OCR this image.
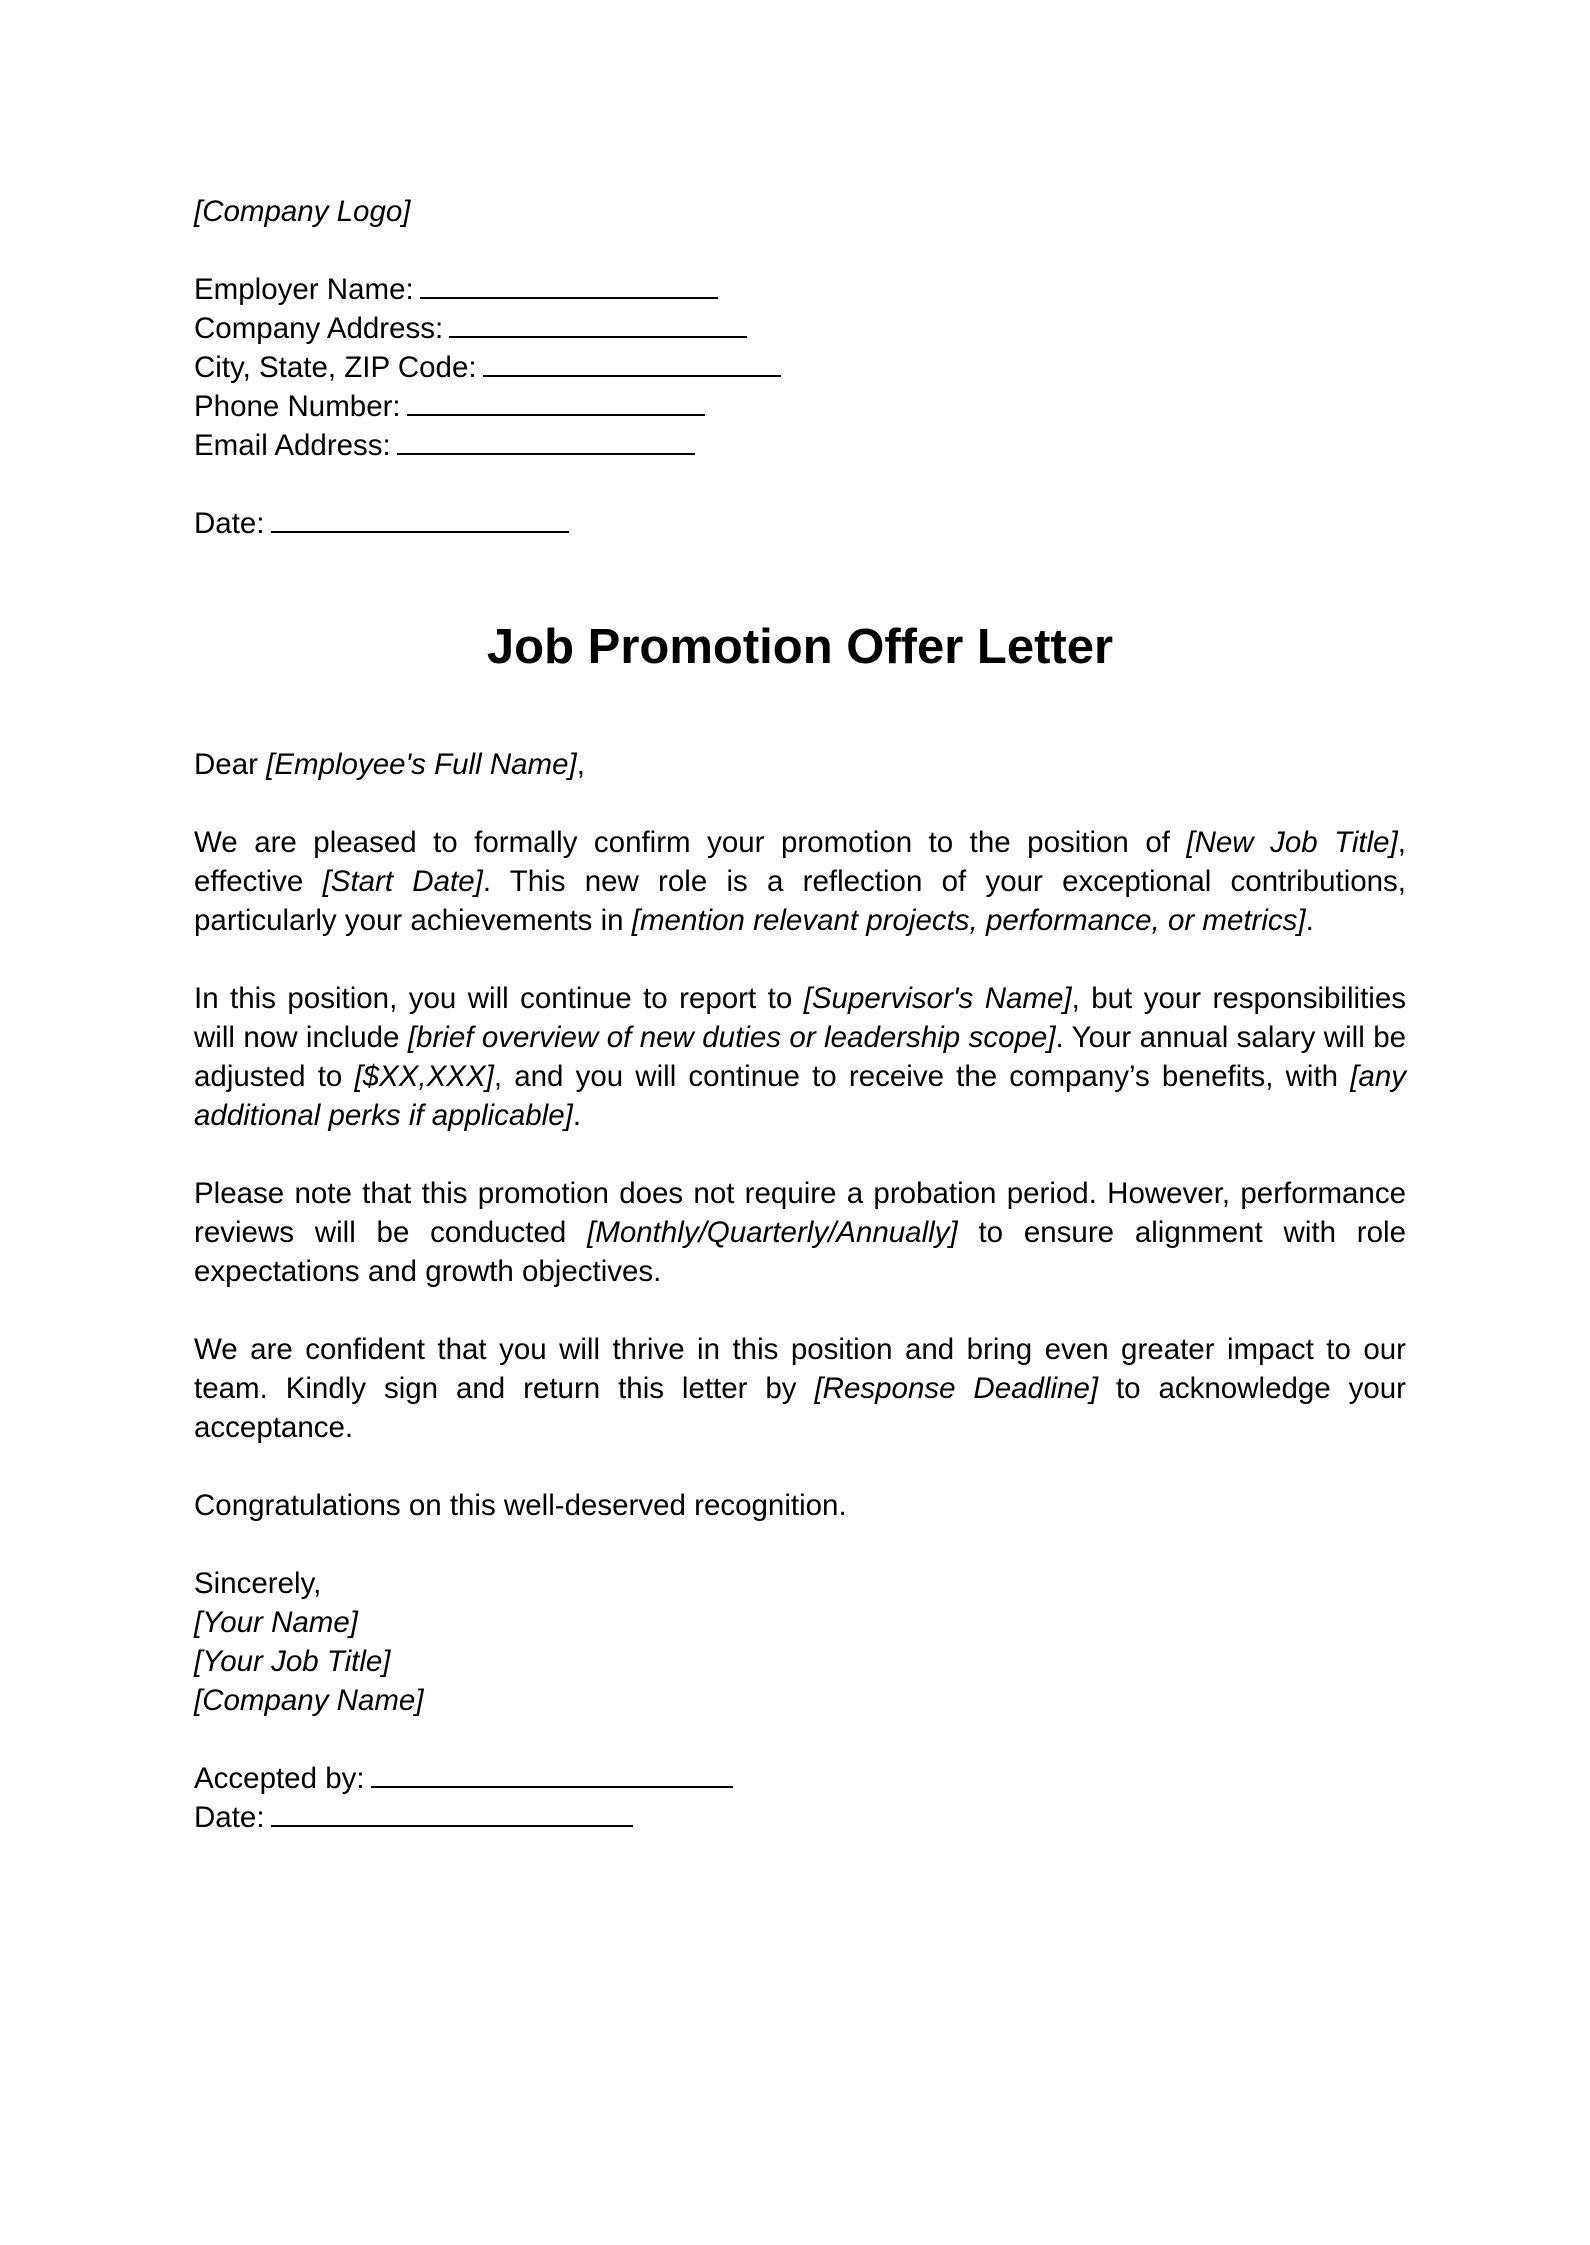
[Company Logo]
Employer Name:
Company Address:
City, State, ZIP Code:
Phone Number:
Email Address:
Date:
Job Promotion Offer Letter
Dear [Employee's Full Name],

We are pleased to formally confirm your promotion to the position of [New Job Title], effective [Start Date]. This new role is a reflection of your exceptional contributions, particularly your achievements in [mention relevant projects, performance, or metrics].

In this position, you will continue to report to [Supervisor's Name], but your responsibilities will now include [brief overview of new duties or leadership scope]. Your annual salary will be adjusted to [$XX,XXX], and you will continue to receive the company’s benefits, with [any additional perks if applicable].

Please note that this promotion does not require a probation period. However, performance reviews will be conducted [Monthly/Quarterly/Annually] to ensure alignment with role expectations and growth objectives.

We are confident that you will thrive in this position and bring even greater impact to our team. Kindly sign and return this letter by [Response Deadline] to acknowledge your acceptance.

Congratulations on this well-deserved recognition.
Sincerely,
[Your Name]
[Your Job Title]
[Company Name]
Accepted by:
Date:
